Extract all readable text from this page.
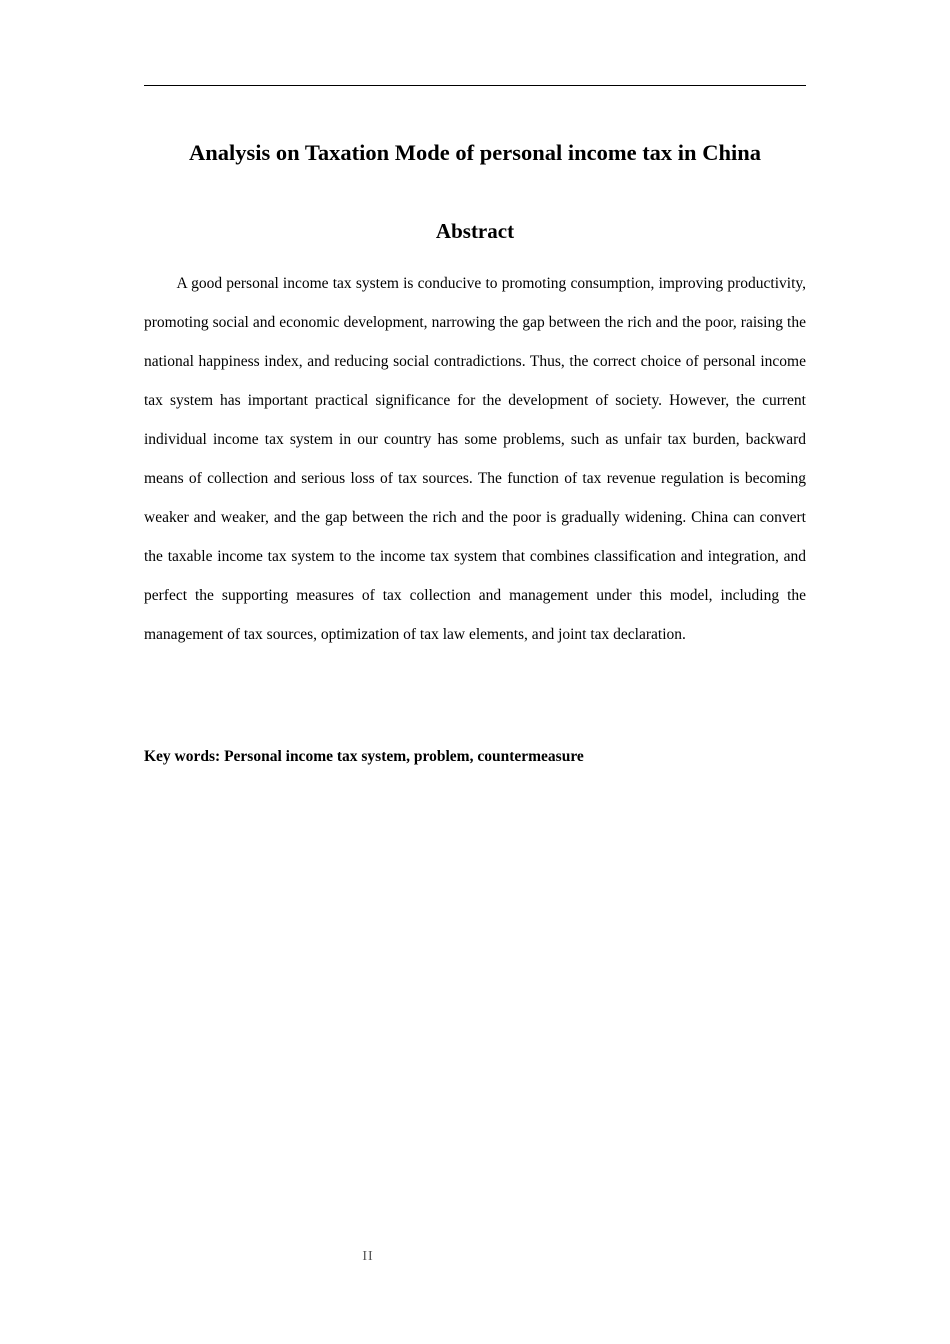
Analysis on Taxation Mode of personal income tax in China
Abstract

A good personal income tax system is conducive to promoting consumption, improving productivity, promoting social and economic development, narrowing the gap between the rich and the poor, raising the national happiness index, and reducing social contradictions. Thus, the correct choice of personal income tax system has important practical significance for the development of society. However, the current individual income tax system in our country has some problems, such as unfair tax burden, backward means of collection and serious loss of tax sources. The function of tax revenue regulation is becoming weaker and weaker, and the gap between the rich and the poor is gradually widening. China can convert the taxable income tax system to the income tax system that combines classification and integration, and perfect the supporting measures of tax collection and management under this model, including the management of tax sources, optimization of tax law elements, and joint tax declaration.

Key words: Personal income tax system, problem, countermeasure

II
